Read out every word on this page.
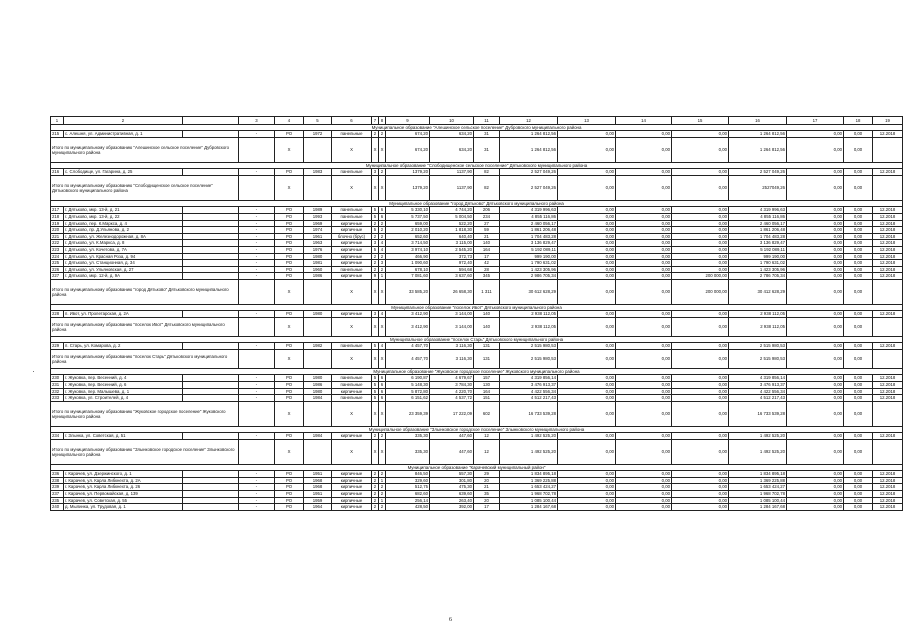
1	2		3	4	5	6	7	8	9	10	11	12	13	14	15	16	17	18	19
Муниципальное образование "Алешинское сельское поселение" Дубровского муниципального района																			
215	с. Алешня, ул. Административная, д. 1		-	РО	1972	панельные	2	2	674,20	634,20	31	1 264 812,56	0,00	0,00	0,00	1 264 812,56	0,00	0,00	12.2018
Итого по муниципальному образованию "Алешинское сельское поселение" Дубровского муниципального района				X		X	X	X	674,20	634,20	31	1 264 812,56	0,00	0,00	0,00	1 264 812,56	0,00	0,00	
Муниципальное образование "Слободищенское сельское поселение" Дятьковского муниципального района																			
216	с. Слободище, ул. Гагарина, д. 25		-	РО	1983	панельные	3	2	1379,20	1137,90	82	2 527 049,26	0,00	0,00	0,00	2 527 049,26	0,00	0,00	12.2018
Итого по муниципальному образованию "Слободищенское сельское поселение" Дятьковского муниципального района				X		X	X	X	1379,20	1137,90	82	2 527 049,26	0,00	0,00	0,00	2527049,26	0,00	0,00	
Муниципальное образование "город Дятьково" Дятьковского муниципального района																			
217	г. Дятьково, мкр. 13-й, д. 21		-	РО	1989	панельные	5	6	5 330,10	4 744,20	206	4 319 996,63	0,00	0,00	0,00	4 319 996,63	0,00	0,00	12.2018
218	г. Дятьково, мкр. 13-й, д. 22		-	РО	1993	панельные	5	6	5 737,50	5 004,50	234	4 855 116,86	0,00	0,00	0,00	4 855 116,86	0,00	0,00	12.2018
219	г. Дятьково, пер. К.Маркса, д. 4		-	РО	1969	кирпичные	2	2	659,00	522,20	27	2 460 056,17	0,00	0,00	0,00	2 460 056,17	0,00	0,00	12.2018
220	г. Дятьково, пр. Д.Ульянова, д. 2		-	РО	1974	кирпичные	5	2	2 010,20	1 818,30	59	1 861 206,48	0,00	0,00	0,00	1 861 206,48	0,00	0,00	12.2018
221	г. Дятьково, ул. Железнодорожная, д. 8А		-	РО	1961	блочно (брус)	2	2	652,60	640,40	21	1 704 483,28	0,00	0,00	0,00	1 704 483,28	0,00	0,00	12.2018
222	г. Дятьково, ул. К.Маркса, д. 8		-	РО	1963	кирпичные	3	4	3 714,50	3 115,00	140	3 136 829,47	0,00	0,00	0,00	3 136 829,47	0,00	0,00	12.2018
223	г. Дятьково, ул. Кочетова, д. 7А		-	РО	1976	кирпичные	5	4	3 974,10	2 545,20	164	5 192 089,11	0,00	0,00	0,00	5 192 089,11	0,00	0,00	12.2018
224	г. Дятьково, ул. Красная Роза, д. 94		-	РО	1980	кирпичные	2	2	466,90	372,73	17	999 190,00	0,00	0,00	0,00	999 190,00	0,00	0,00	12.2018
225	г. Дятьково, ул. Станционная, д. 34		-	РО	1981	кирпичные	2	3	1 090,60	972,40	42	1 790 631,02	0,00	0,00	0,00	1 790 631,02	0,00	0,00	12.2018
226	г. Дятьково, ул. Ульяновская, д. 27		-	РО	1960	панельные	2	2	678,10	594,68	28	1 423 305,96	0,00	0,00	0,00	1 423 305,96	0,00	0,00	12.2018
227	г. Дятьково, мкр. 12-й, д. 9А		-	РО	1986	кирпичные	9	1	7 081,60	3 637,60	345	2 986 705,34	0,00	0,00	200 000,00	2 786 705,34	0,00	0,00	12.2018
Итого по муниципальному образованию "город Дятьково" Дятьковского муниципального района				X		X	X	X	33 585,20	26 658,30	1 311	30 612 628,29	0,00	0,00	200 000,00	30 412 628,29	0,00	0,00	
Муниципальное образование "поселок Ивот" Дятьковского муниципального района																			
228	п. Ивот, ул. Пролетарская, д. 2А		-	РО	1980	кирпичные	3	4	3 412,90	3 144,00	140	2 938 112,05	0,00	0,00	0,00	2 938 112,05	0,00	0,00	12.2018
Итого по муниципальному образованию "поселок Ивот" Дятьковского муниципального района				X		X	X	X	3 412,90	3 144,00	140	2 938 112,05	0,00	0,00	0,00	2 938 112,05	0,00	0,00	
Муниципальное образование "поселок Старь" Дятьковского муниципального района																			
229	п. Старь, ул. Комарова, д. 2		-	РО	1982	панельные	5	4	4 457,70	3 116,30	131	2 515 980,53	0,00	0,00	0,00	2 515 980,53	0,00	0,00	12.2018
Итого по муниципальному образованию "поселок Старь" Дятьковского муниципального района				X		X	X	X	4 457,70	3 116,30	131	2 515 980,53	0,00	0,00	0,00	2 515 980,53	0,00	0,00	
Муниципальное образование "Жуковское городское поселение" Жуковского муниципального района																			
230	г. Жуковка, пер. Весенний, д. 4		-	РО	1980	панельные	5	6	6 190,87	4 679,67	157	4 319 856,14	0,00	0,00	0,00	4 319 856,14	0,00	0,00	12.2018
231	г. Жуковка, пер. Весенний, д. 6		-	РО	1986	панельные	5	6	5 148,30	3 784,30	130	3 476 913,37	0,00	0,00	0,00	3 476 913,37	0,00	0,00	12.2018
232	г. Жуковка, пер. Малышева, д. 1		-	РО	1980	кирпичные	5	6	5 872,80	4 220,70	164	4 422 556,34	0,00	0,00	0,00	4 422 556,34	0,00	0,00	12.2018
233	г. Жуковка, ул. Строителей, д. 4		-	РО	1984	панельные	5	6	6 151,62	4 537,72	151	4 512 217,43	0,00	0,00	0,00	4 512 217,43	0,00	0,00	12.2018
Итого по муниципальному образованию "Жуковское городское поселение" Жуковского муниципального района				X		X	X	X	23 359,39	17 222,09	602	16 733 539,28	0,00	0,00	0,00	16 733 539,28	0,00	0,00	
Муниципальное образование "Злынковское городское поселение" Злынковского муниципального района																			
234	г. Злынка, ул. Советская, д. 51		-	РО	1984	кирпичные	2	2	335,30	447,60	12	1 492 525,20	0,00	0,00	0,00	1 492 525,20	0,00	0,00	12.2018
Итого по муниципальному образованию "Злынковское городское поселение" Злынковского муниципального района				X		X	X	X	335,30	447,60	12	1 492 525,20	0,00	0,00	0,00	1 492 525,20	0,00	0,00	
Муниципальное образование "Карачевский муниципальный район"																			
236	г. Карачев, ул. Дзержинского, д. 1		-	РО	1951	кирпичные	2	2	846,50	557,30	29	1 834 895,18	0,00	0,00	0,00	1 834 895,18	0,00	0,00	12.2018
238	г. Карачев, ул. Карла Либкнехта, д. 2А		-	РО	1968	кирпичные	2	1	329,60	301,80	20	1 369 225,88	0,00	0,00	0,00	1 369 225,88	0,00	0,00	12.2018
239	г. Карачев, ул. Карла Либкнехта, д. 26		-	РО	1968	кирпичные	2	2	512,75	475,30	21	1 653 424,27	0,00	0,00	0,00	1 653 424,27	0,00	0,00	12.2018
237	г. Карачев, ул. Первомайская, д. 139		-	РО	1951	кирпичные	2	2	682,60	639,60	35	1 968 702,78	0,00	0,00	0,00	1 968 702,78	0,00	0,00	12.2018
235	г. Карачев, ул. Советская, д. 55		-	РО	1959	кирпичные	2	1	256,14	263,40	20	1 085 100,44	0,00	0,00	0,00	1 085 100,44	0,00	0,00	12.2018
240	д. Мылинка, ул. Трудовая, д. 1		-	РО	1964	кирпичные	2	2	428,50	392,00	17	1 284 167,68	0,00	0,00	0,00	1 284 167,68	0,00	0,00	12.2018
6
